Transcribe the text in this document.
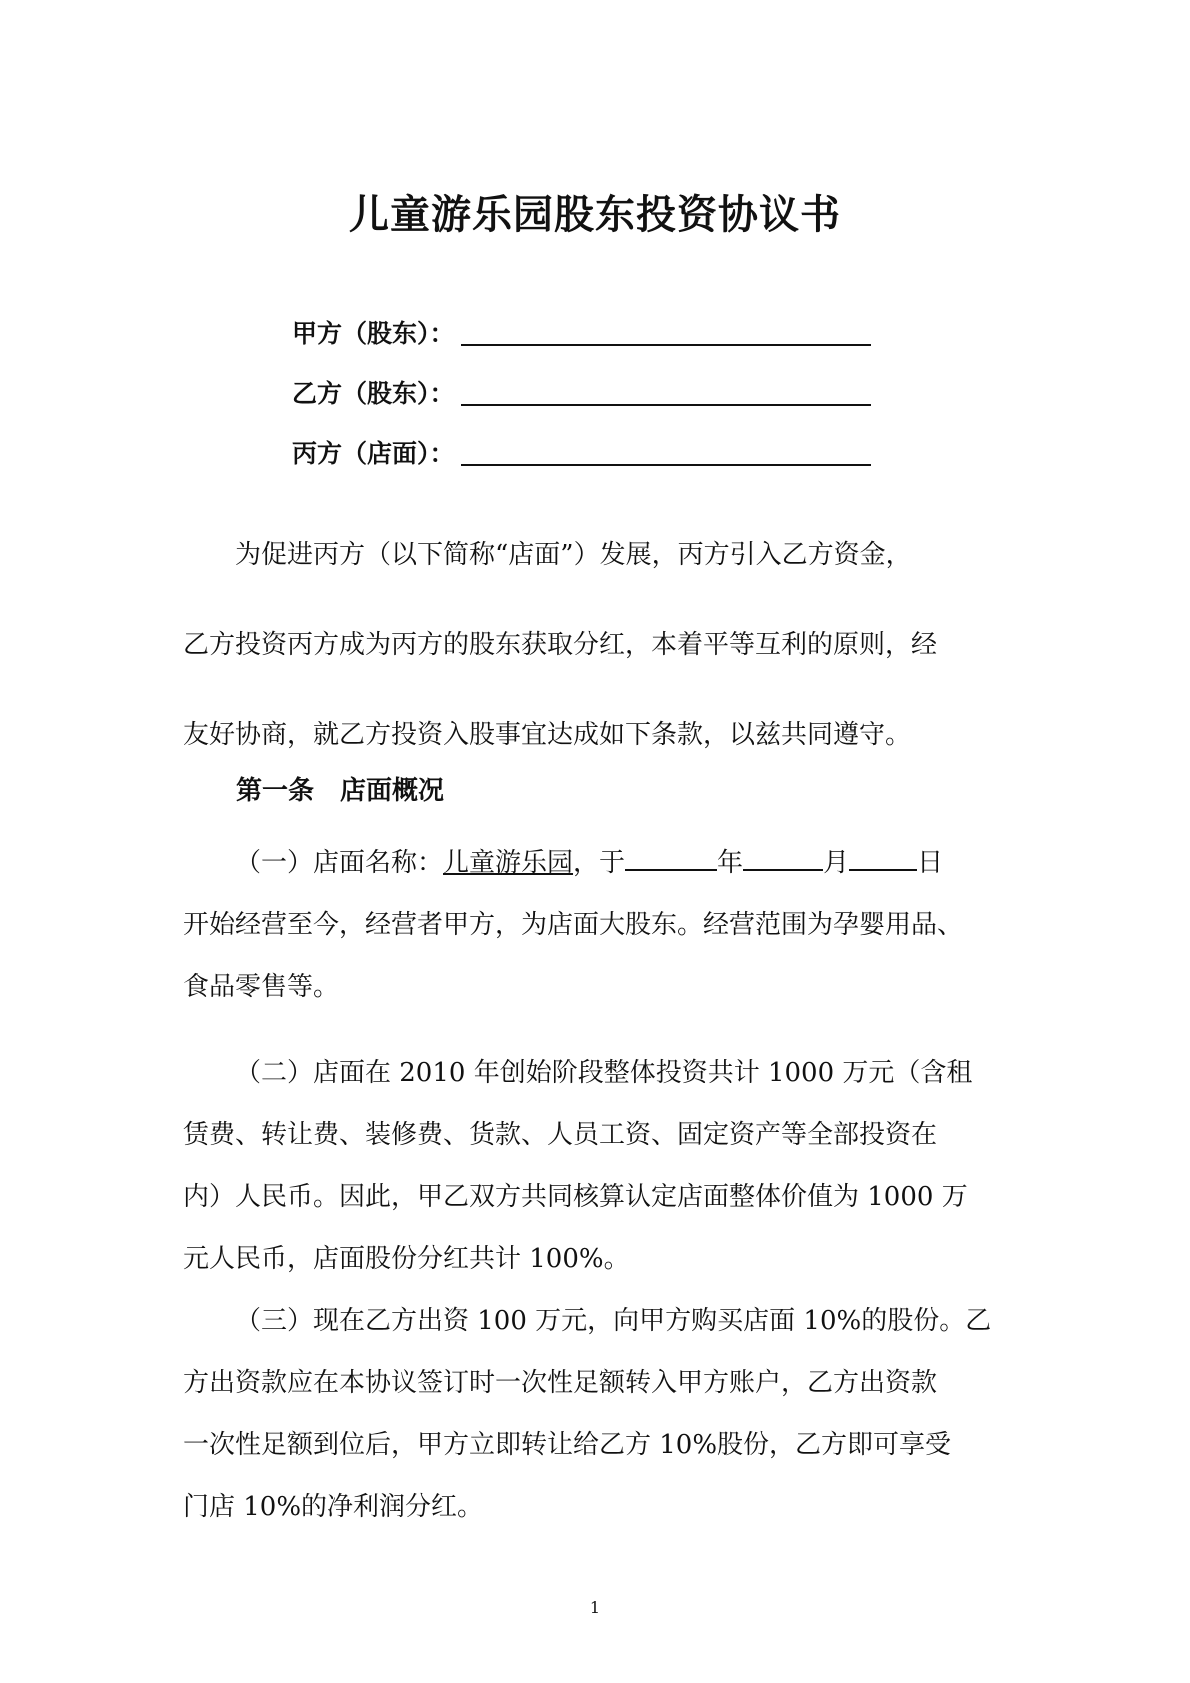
儿童游乐园股东投资协议书
甲方（股东）：
乙方（股东）：
丙方（店面）：
为促进丙方（以下简称“店面”）发展，丙方引入乙方资金，
乙方投资丙方成为丙方的股东获取分红，本着平等互利的原则，经
友好协商，就乙方投资入股事宜达成如下条款，以兹共同遵守。
第一条　店面概况
（一）店面名称：儿童游乐园，于	年	月	日
开始经营至今，经营者甲方，为店面大股东。经营范围为孕婴用品、
食品零售等。
（二）店面在 2010 年创始阶段整体投资共计 1000 万元（含租
赁费、转让费、装修费、货款、人员工资、固定资产等全部投资在
内）人民币。因此，甲乙双方共同核算认定店面整体价值为 1000 万
元人民币，店面股份分红共计 100%。
（三）现在乙方出资 100 万元，向甲方购买店面 10%的股份。乙
方出资款应在本协议签订时一次性足额转入甲方账户，乙方出资款
一次性足额到位后，甲方立即转让给乙方 10%股份，乙方即可享受
门店 10%的净利润分红。
1
